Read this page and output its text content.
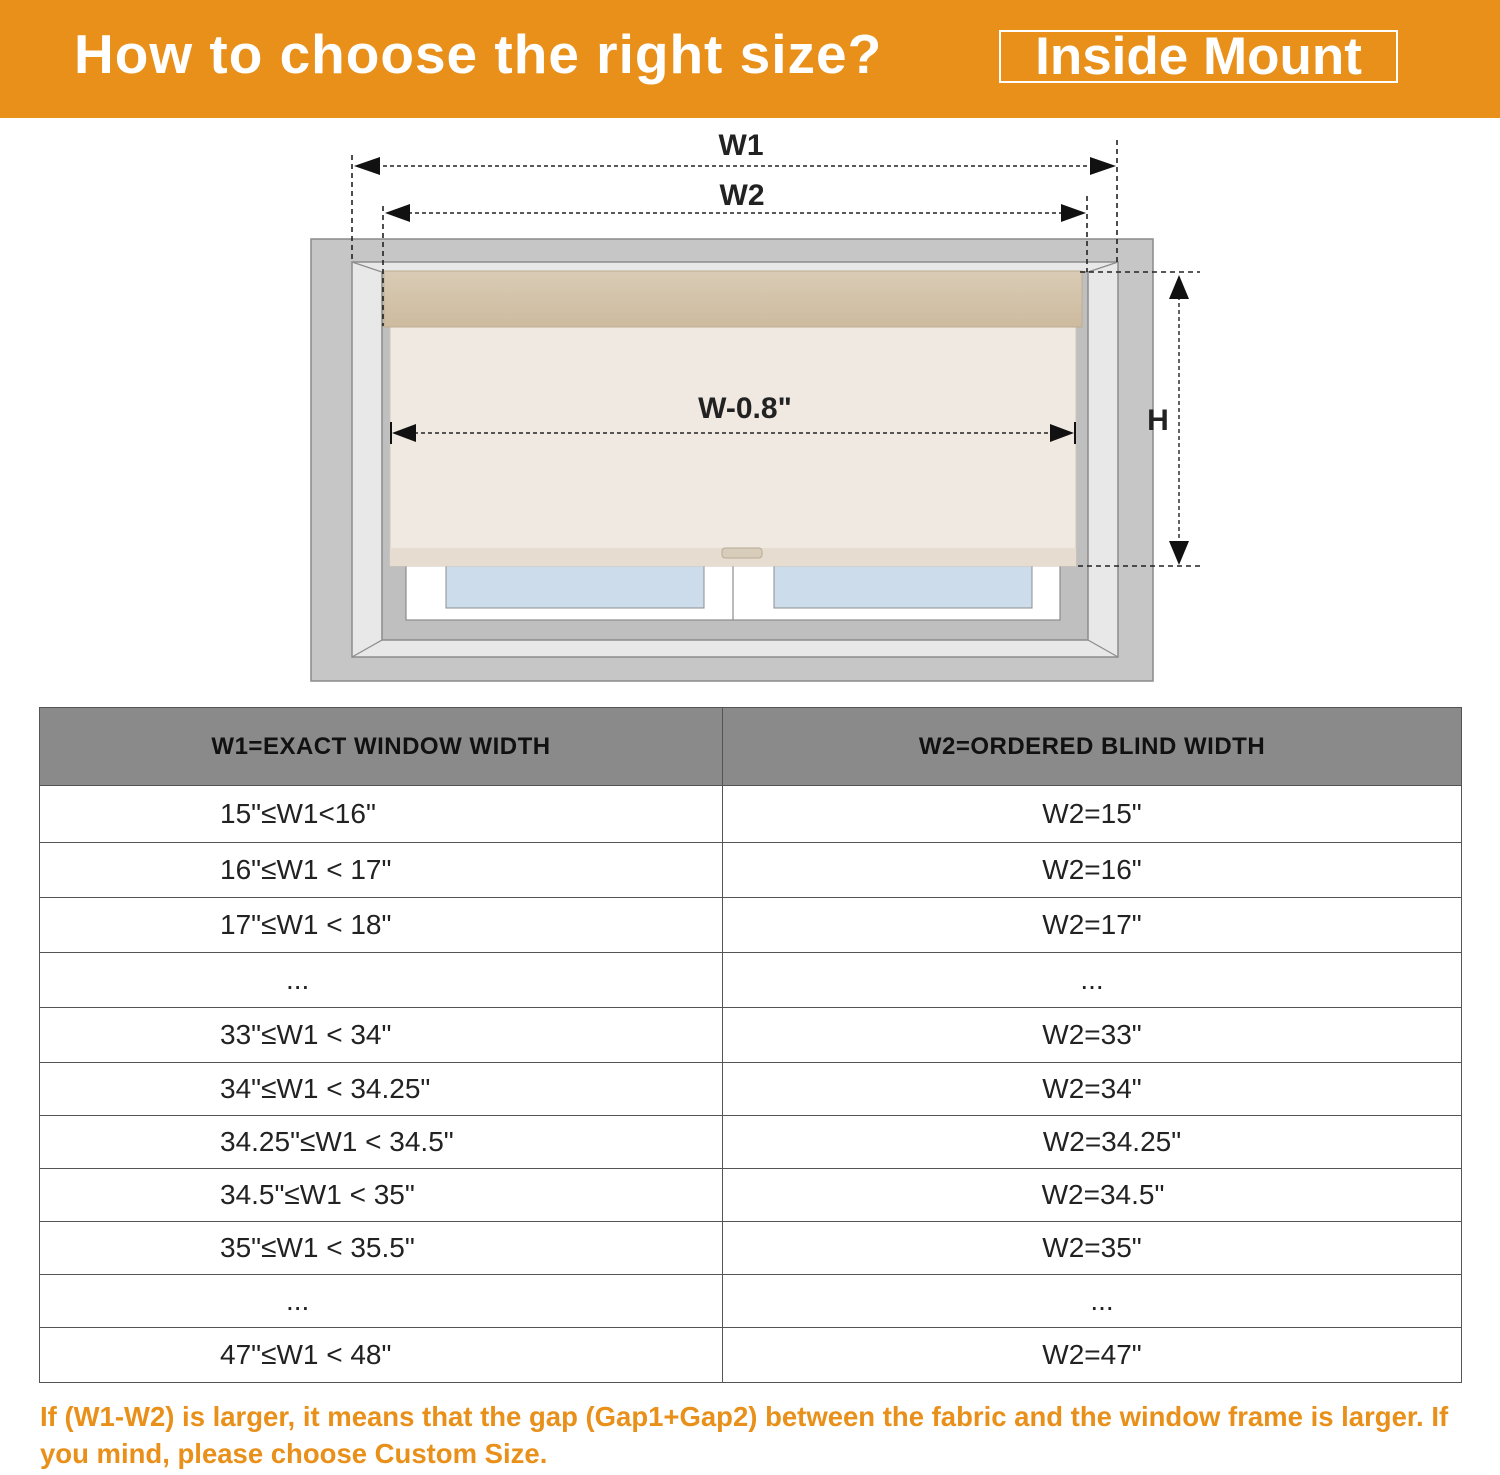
How to choose the right size?	Inside Mount
W1
W2
W-0.8"	H
W1=EXACT WINDOW WIDTH	W2=ORDERED BLIND WIDTH
15"≤W1<16"	W2=15"
16"≤W1 < 17"	W2=16"
17"≤W1 < 18"	W2=17"
...	...
33"≤W1 < 34"	W2=33"
34"≤W1 < 34.25"	W2=34"
34.25"≤W1 < 34.5"	W2=34.25"
34.5"≤W1 < 35"	W2=34.5"
35"≤W1 < 35.5"	W2=35"
...	...
47"≤W1 < 48"	W2=47"
If (W1-W2) is larger, it means that the gap (Gap1+Gap2) between the fabric and the window frame is larger. If you mind, please choose Custom Size.
